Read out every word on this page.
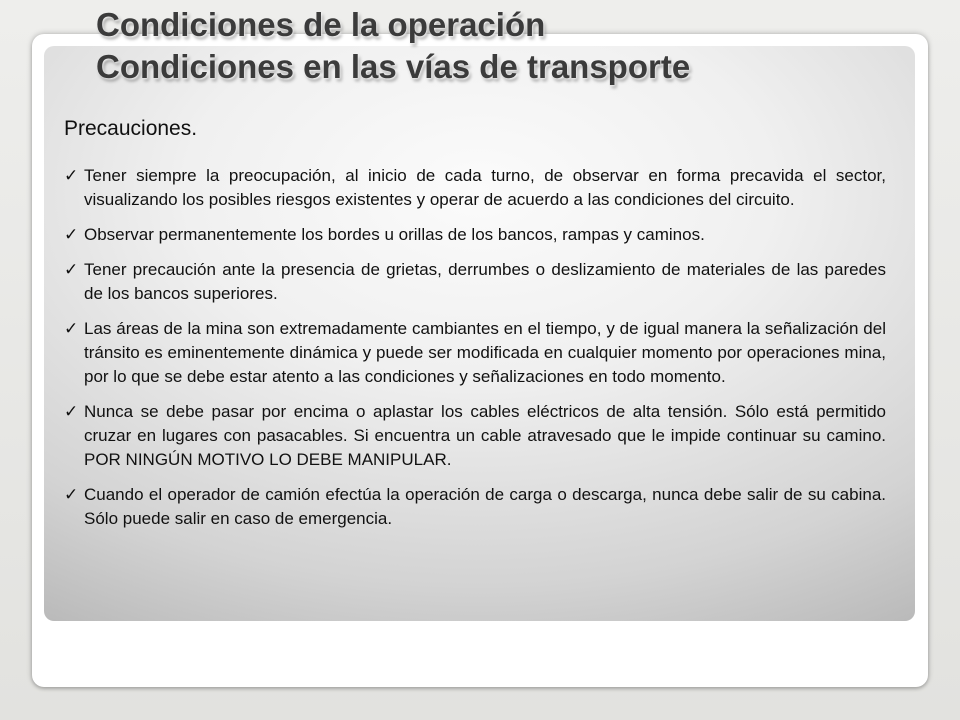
Condiciones de la operación
Condiciones en las vías de transporte
Precauciones.
✓ Tener siempre la preocupación, al inicio de cada turno, de observar en forma precavida el sector, visualizando los posibles riesgos existentes y operar de acuerdo a las condiciones del circuito.
✓ Observar permanentemente los bordes u orillas de los bancos, rampas y caminos.
✓ Tener precaución ante la presencia de grietas, derrumbes o deslizamiento de materiales de las paredes de los bancos superiores.
✓ Las áreas de la mina son extremadamente cambiantes en el tiempo, y de igual manera la señalización del tránsito es eminentemente dinámica y puede ser modificada en cualquier momento por operaciones mina, por lo que se debe estar atento a las condiciones y señalizaciones en todo momento.
✓ Nunca se debe pasar por encima o aplastar los cables eléctricos de alta tensión. Sólo está permitido cruzar en lugares con pasacables. Si encuentra un cable atravesado que le impide continuar su camino. POR NINGÚN MOTIVO LO DEBE MANIPULAR.
✓ Cuando el operador de camión efectúa la operación de carga o descarga, nunca debe salir de su cabina. Sólo puede salir en caso de emergencia.
